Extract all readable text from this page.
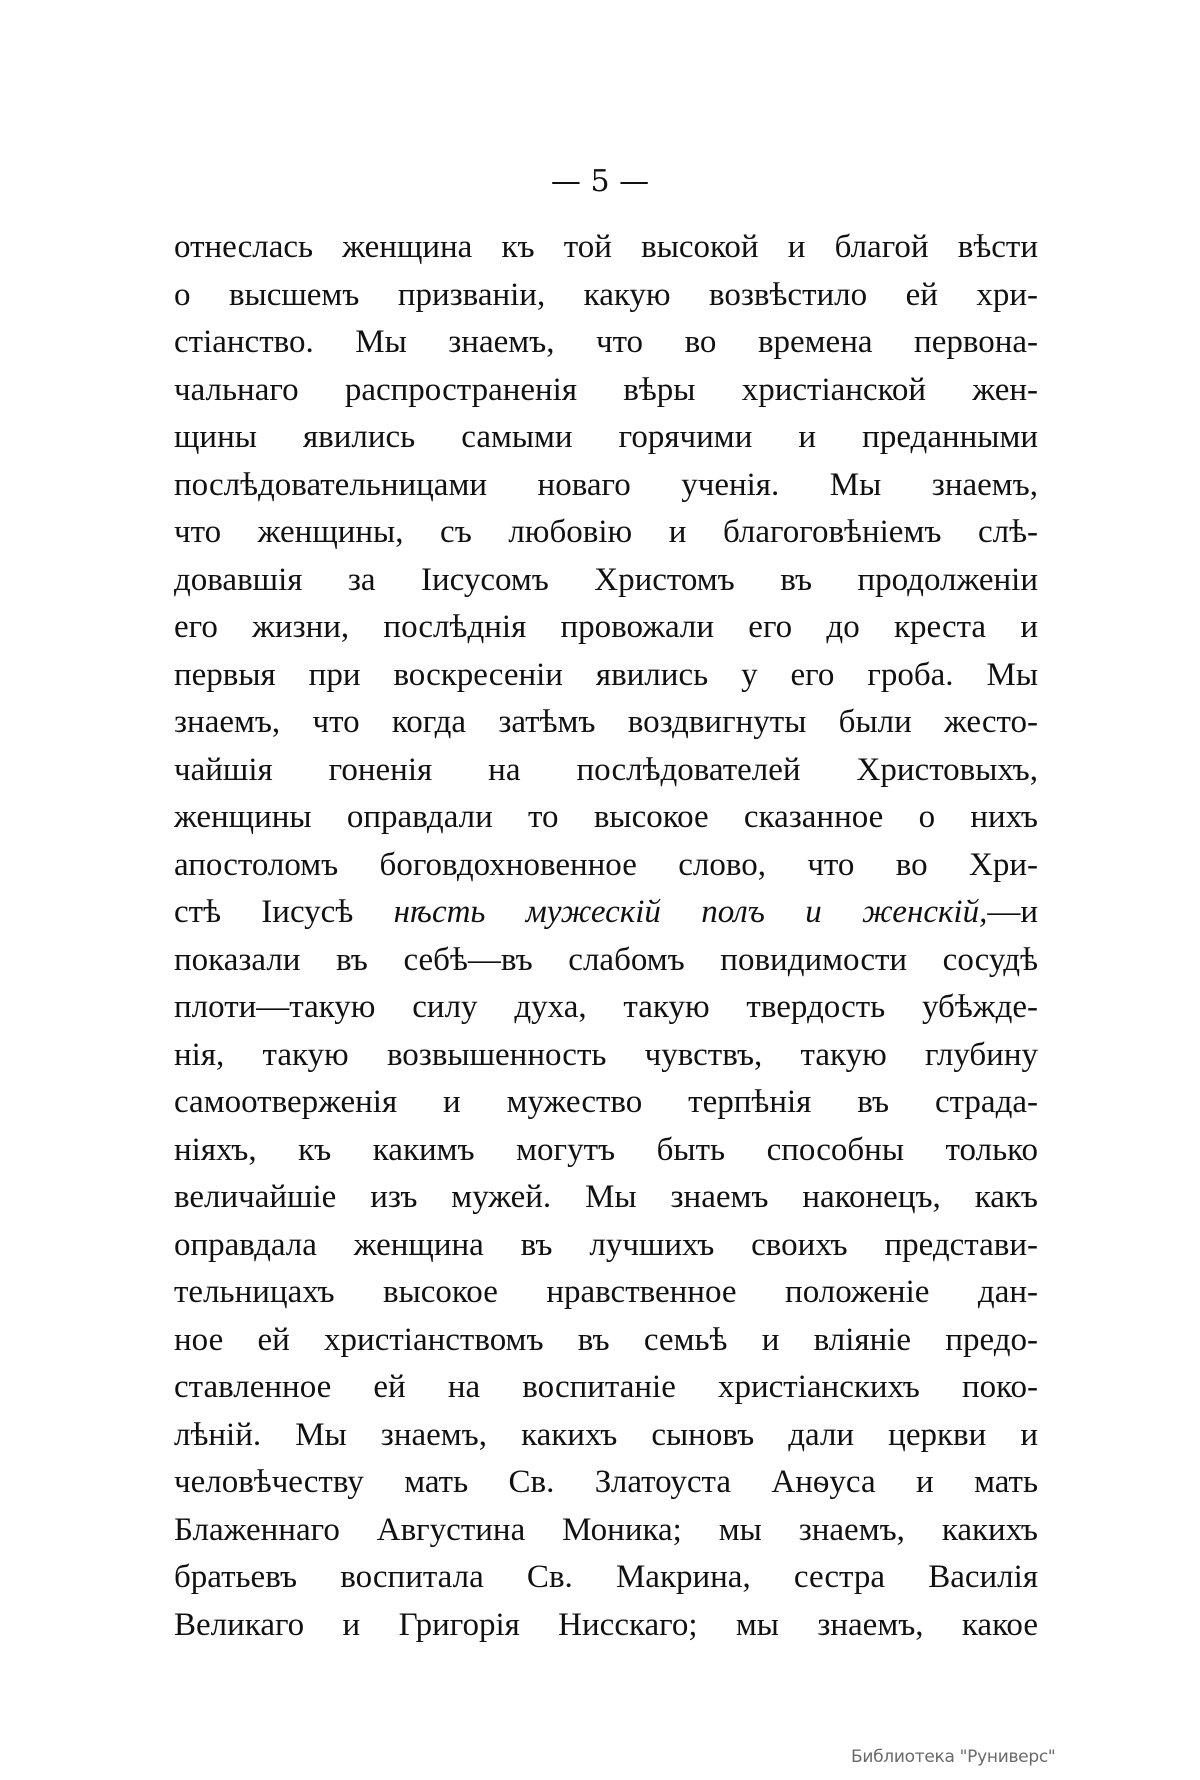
— 5 —
отнеслась женщина къ той высокой и благой вѣсти
о высшемъ призваніи, какую возвѣстило ей хри-
стіанство. Мы знаемъ, что во времена первона-
чальнаго распространенія вѣры христіанской жен-
щины явились самыми горячими и преданными
послѣдовательницами новаго ученія. Мы знаемъ,
что женщины, съ любовію и благоговѣніемъ слѣ-
довавшія за Іисусомъ Христомъ въ продолженіи
его жизни, послѣднія провожали его до креста и
первыя при воскресеніи явились у его гроба. Мы
знаемъ, что когда затѣмъ воздвигнуты были жесто-
чайшія гоненія на послѣдователей Христовыхъ,
женщины оправдали то высокое сказанное о нихъ
апостоломъ боговдохновенное слово, что во Хри-
стѣ Іисусѣ нѣсть мужескій полъ и женскій,—и
показали въ себѣ—въ слабомъ повидимости сосудѣ
плоти—такую силу духа, такую твердость убѣжде-
нія, такую возвышенность чувствъ, такую глубину
самоотверженія и мужество терпѣнія въ страда-
ніяхъ, къ какимъ могутъ быть способны только
величайшіе изъ мужей. Мы знаемъ наконецъ, какъ
оправдала женщина въ лучшихъ своихъ представи-
тельницахъ высокое нравственное положеніе дан-
ное ей христіанствомъ въ семьѣ и вліяніе предо-
ставленное ей на воспитаніе христіанскихъ поко-
лѣній. Мы знаемъ, какихъ сыновъ дали церкви и
человѣчеству мать Св. Златоуста Анѳуса и мать
Блаженнаго Августина Моника; мы знаемъ, какихъ
братьевъ воспитала Св. Макрина, сестра Василія
Великаго и Григорія Нисскаго; мы знаемъ, какое
Библиотека "Руниверс"
